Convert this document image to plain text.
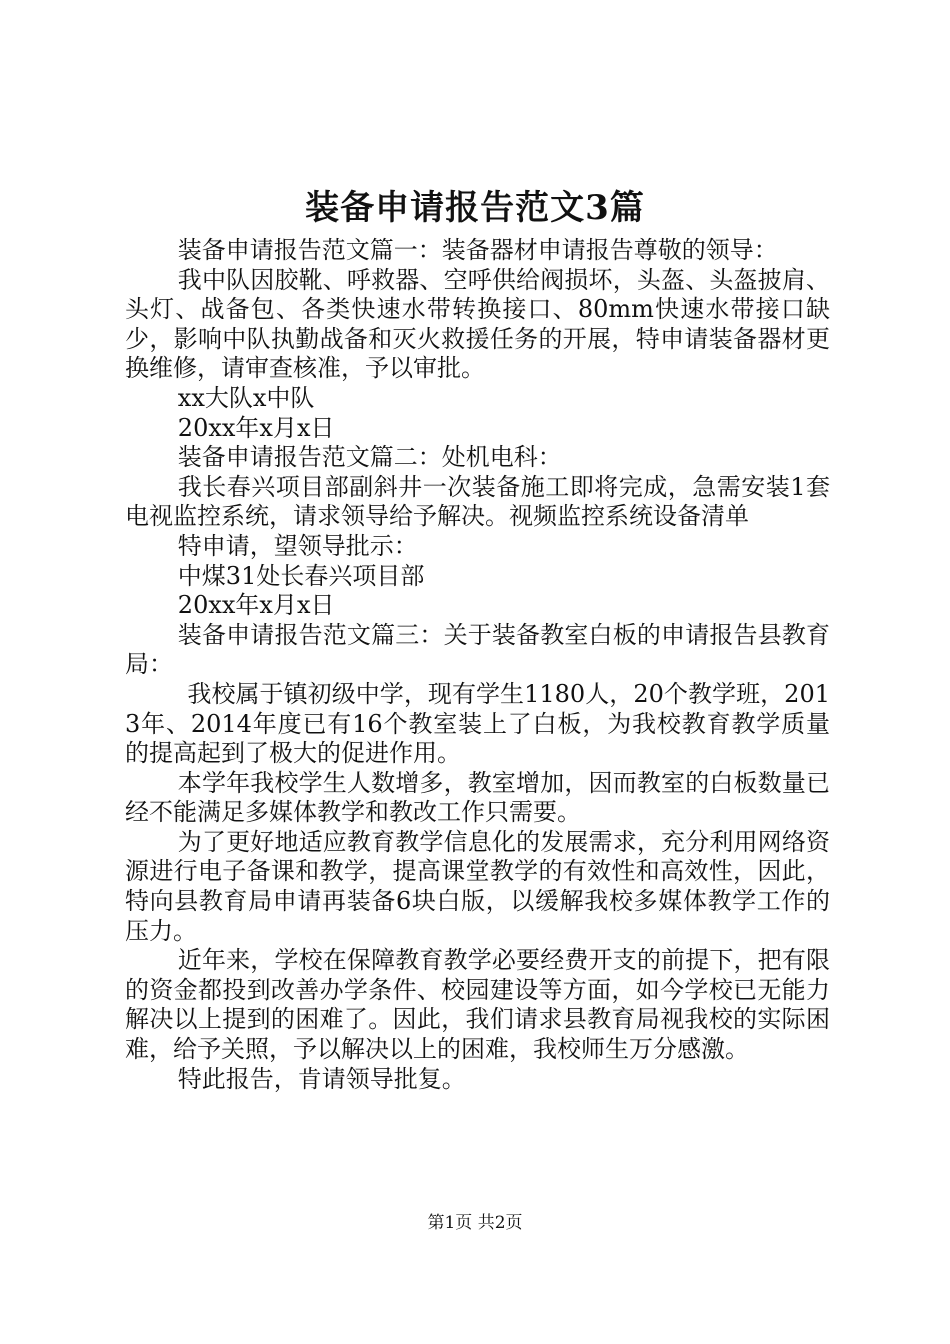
装备申请报告范文3篇

装备申请报告范文篇一：装备器材申请报告尊敬的领导：

我中队因胶靴、呼救器、空呼供给阀损坏，头盔、头盔披肩、头灯、战备包、各类快速水带转换接口、80mm快速水带接口缺少，影响中队执勤战备和灭火救援任务的开展，特申请装备器材更换维修，请审查核准，予以审批。

xx大队x中队

20xx年x月x日

装备申请报告范文篇二：处机电科：

我长春兴项目部副斜井一次装备施工即将完成，急需安装1套电视监控系统，请求领导给予解决。视频监控系统设备清单

特申请，望领导批示：

中煤31处长春兴项目部

20xx年x月x日

装备申请报告范文篇三：关于装备教室白板的申请报告县教育局：

我校属于镇初级中学，现有学生1180人，20个教学班，2013年、2014年度已有16个教室装上了白板，为我校教育教学质量的提高起到了极大的促进作用。

本学年我校学生人数增多，教室增加，因而教室的白板数量已经不能满足多媒体教学和教改工作只需要。

为了更好地适应教育教学信息化的发展需求，充分利用网络资源进行电子备课和教学，提高课堂教学的有效性和高效性，因此，特向县教育局申请再装备6块白版，以缓解我校多媒体教学工作的压力。

近年来，学校在保障教育教学必要经费开支的前提下，把有限的资金都投到改善办学条件、校园建设等方面，如今学校已无能力解决以上提到的困难了。因此，我们请求县教育局视我校的实际困难，给予关照，予以解决以上的困难，我校师生万分感激。

特此报告，肯请领导批复。

第1页 共2页
